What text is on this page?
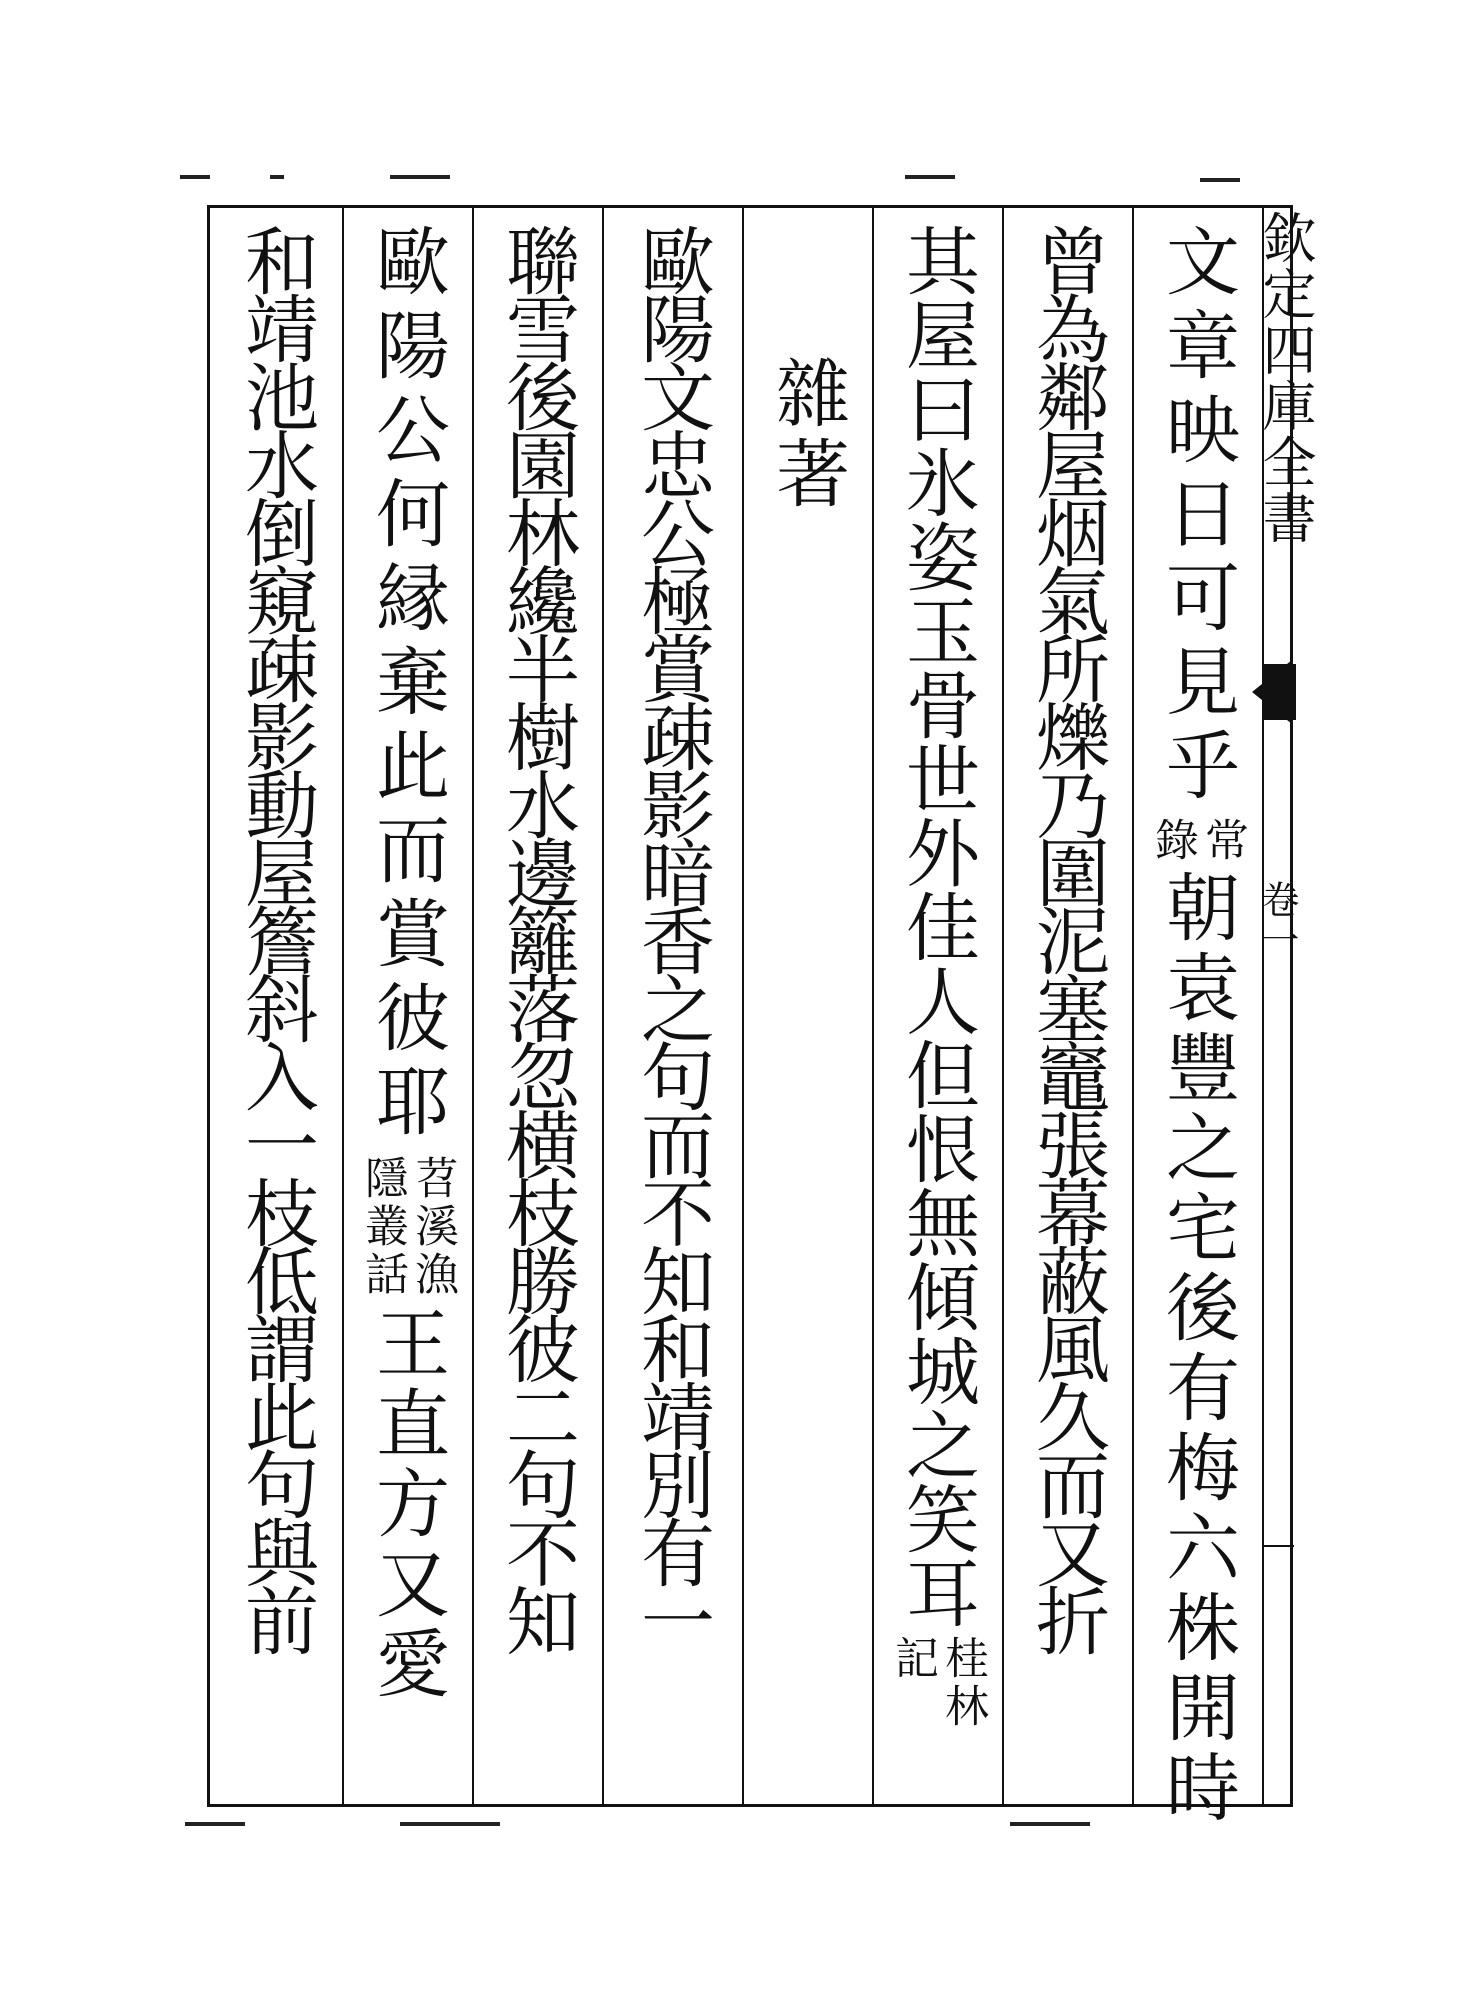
欽定四庫全書
卷一
文章映日可見乎
常
錄
朝袁豐之宅後有梅六株開時
曾為鄰屋烟氣所爍乃圍泥塞竈張幕蔽風久而又折
其屋曰氷姿玉骨世外佳人但恨無傾城之笑耳
桂林
記
雜著
歐陽文忠公極賞疎影暗香之句而不知和靖別有一
聯雪後園林纔半樹水邊籬落忽横枝勝彼二句不知
歐陽公何縁棄此而賞彼耶
苕溪漁
隱叢話
王直方又愛
和靖池水倒窺疎影動屋簷斜入一枝低謂此句與前
